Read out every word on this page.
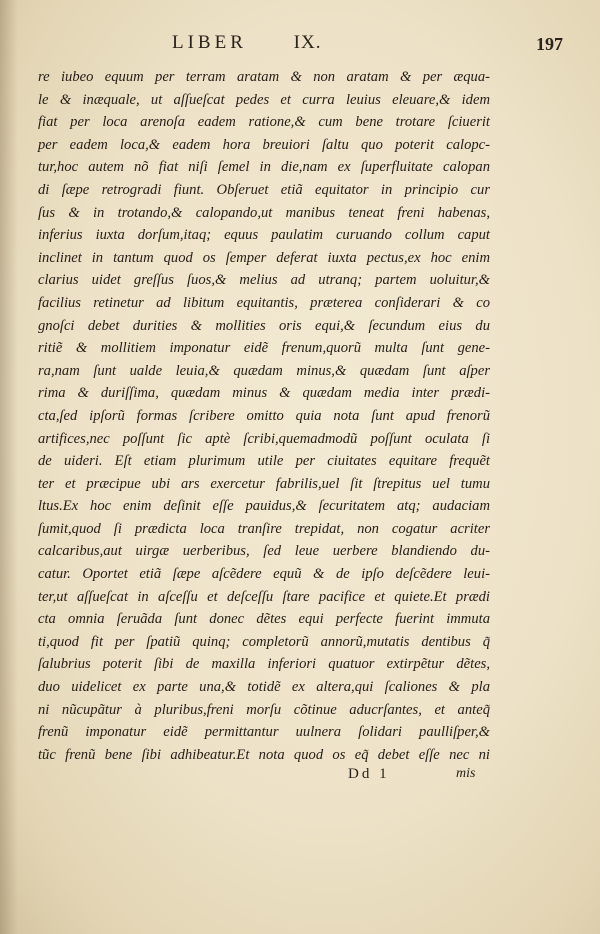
LIBER IX.	197
re iubeo equum per terram aratam & non aratam & per æqua-
le & inæquale, ut aſſueſcat pedes et curra leuius eleuare,& idem
fiat per loca arenoſa eadem ratione,& cum bene trotare ſciuerit
per eadem loca,& eadem hora breuiori ſaltu quo poterit calopc-
tur,hoc autem nõ fiat niſi ſemel in die,nam ex ſuperfluitate calopan
di ſæpe retrogradi fiunt. Obſeruet etiã equitator in principio cur
ſus & in trotando,& calopando,ut manibus teneat freni habenas,
inferius iuxta dorſum,itaq; equus paulatim curuando collum caput
inclinet in tantum quod os ſemper deferat iuxta pectus,ex hoc enim
clarius uidet greſſus ſuos,& melius ad utranq; partem uoluitur,&
facilius retinetur ad libitum equitantis, præterea conſiderari & co
gnoſci debet durities & mollities oris equi,& ſecundum eius du
ritiẽ & mollitiem imponatur eidẽ frenum,quorũ multa ſunt gene-
ra,nam ſunt ualde leuia,& quædam minus,& quædam ſunt aſper
rima & duriſſima, quædam minus & quædam media inter prædi-
cta,ſed ipſorũ formas ſcribere omitto quia nota ſunt apud frenorũ
artifices,nec poſſunt ſic aptè ſcribi,quemadmodũ poſſunt oculata ſi
de uideri. Eſt etiam plurimum utile per ciuitates equitare frequẽt
ter et præcipue ubi ars exercetur fabrilis,uel ſit ſtrepitus uel tumu
ltus.Ex hoc enim deſinit eſſe pauidus,& ſecuritatem atq; audaciam
ſumit,quod ſi prædicta loca tranſire trepidat, non cogatur acriter
calcaribus,aut uirgæ uerberibus, ſed leue uerbere blandiendo du-
catur. Oportet etiã ſæpe aſcẽdere equũ & de ipſo deſcẽdere leui-
ter,ut aſſueſcat in aſceſſu et deſceſſu ſtare pacifice et quiete.Et prædi
cta omnia ſeruãda ſunt donec dẽtes equi perfecte fuerint immuta
ti,quod fit per ſpatiũ quinq; completorũ annorũ,mutatis dentibus q̃
ſalubrius poterit ſibi de maxilla inferiori quatuor extirpẽtur dẽtes,
duo uidelicet ex parte una,& totidẽ ex altera,qui ſcaliones & pla
ni nũcupãtur à pluribus,freni morſu cõtinue aducrſantes, et anteq̃
frenũ imponatur eidẽ permittantur uulnera ſolidari paulliſper,&
tũc frenũ bene ſibi adhibeatur.Et nota quod os eq̃ debet eſſe nec ni
Dd 1	mis
